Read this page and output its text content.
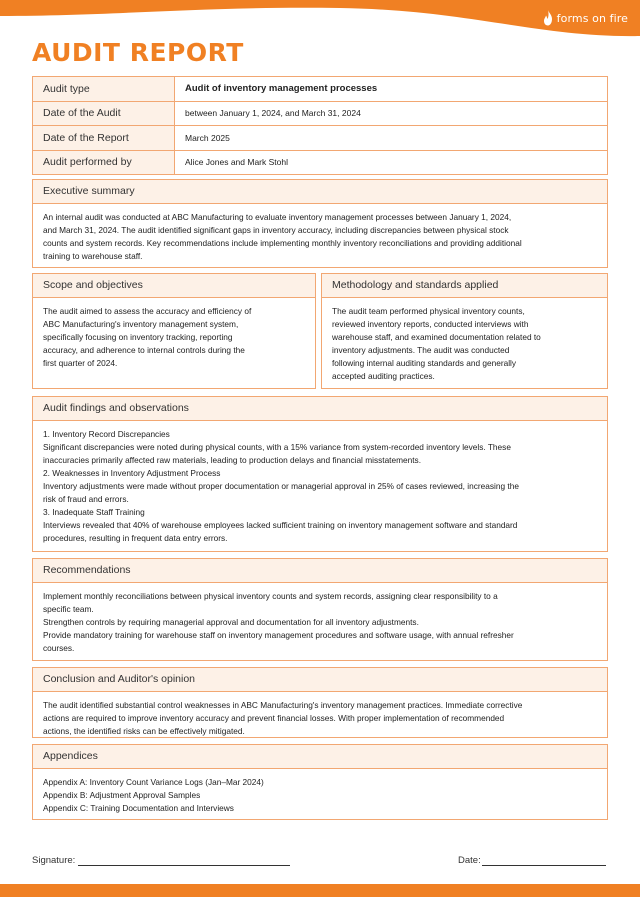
forms on fire
AUDIT REPORT
Audit type	Audit of inventory management processes
Date of the Audit	between January 1, 2024, and March 31, 2024
Date of the Report	March 2025
Audit performed by	Alice Jones and Mark Stohl
Executive summary
An internal audit was conducted at ABC Manufacturing to evaluate inventory management processes between January 1, 2024,
and March 31, 2024. The audit identified significant gaps in inventory accuracy, including discrepancies between physical stock
counts and system records. Key recommendations include implementing monthly inventory reconciliations and providing additional
training to warehouse staff.
Scope and objectives
The audit aimed to assess the accuracy and efficiency of
ABC Manufacturing's inventory management system,
specifically focusing on inventory tracking, reporting
accuracy, and adherence to internal controls during the
first quarter of 2024.
Methodology and standards applied
The audit team performed physical inventory counts,
reviewed inventory reports, conducted interviews with
warehouse staff, and examined documentation related to
inventory adjustments. The audit was conducted
following internal auditing standards and generally
accepted auditing practices.
Audit findings and observations
1. Inventory Record Discrepancies
Significant discrepancies were noted during physical counts, with a 15% variance from system-recorded inventory levels. These
inaccuracies primarily affected raw materials, leading to production delays and financial misstatements.
2. Weaknesses in Inventory Adjustment Process
Inventory adjustments were made without proper documentation or managerial approval in 25% of cases reviewed, increasing the
risk of fraud and errors.
3. Inadequate Staff Training
Interviews revealed that 40% of warehouse employees lacked sufficient training on inventory management software and standard
procedures, resulting in frequent data entry errors.
Recommendations
Implement monthly reconciliations between physical inventory counts and system records, assigning clear responsibility to a
specific team.
Strengthen controls by requiring managerial approval and documentation for all inventory adjustments.
Provide mandatory training for warehouse staff on inventory management procedures and software usage, with annual refresher
courses.
Conclusion and Auditor's opinion
The audit identified substantial control weaknesses in ABC Manufacturing's inventory management practices. Immediate corrective
actions are required to improve inventory accuracy and prevent financial losses. With proper implementation of recommended
actions, the identified risks can be effectively mitigated.
Appendices
Appendix A: Inventory Count Variance Logs (Jan–Mar 2024)
Appendix B: Adjustment Approval Samples
Appendix C: Training Documentation and Interviews
Signature:	Date:
